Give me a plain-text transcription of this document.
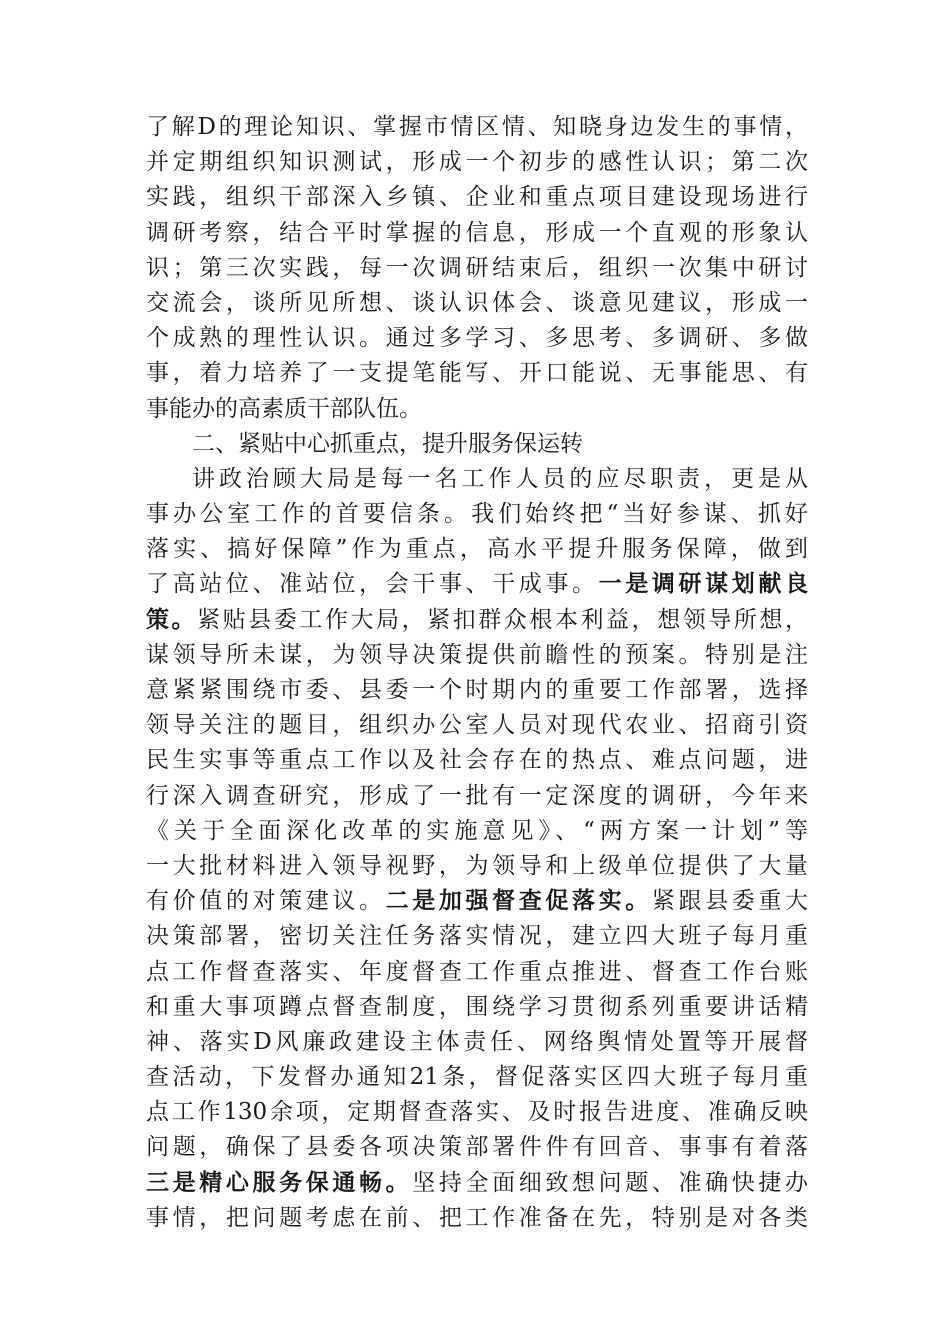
了解D的理论知识、掌握市情区情、知晓身边发生的事情，
并定期组织知识测试，形成一个初步的感性认识；第二次
实践，组织干部深入乡镇、企业和重点项目建设现场进行
调研考察，结合平时掌握的信息，形成一个直观的形象认
识；第三次实践，每一次调研结束后，组织一次集中研讨
交流会，谈所见所想、谈认识体会、谈意见建议，形成一
个成熟的理性认识。通过多学习、多思考、多调研、多做
事，着力培养了一支提笔能写、开口能说、无事能思、有
事能办的高素质干部队伍。
二、紧贴中心抓重点，提升服务保运转
讲政治顾大局是每一名工作人员的应尽职责，更是从
事办公室工作的首要信条。我们始终把“当好参谋、抓好
落实、搞好保障”作为重点，高水平提升服务保障，做到
了高站位、准站位，会干事、干成事。一是调研谋划献良
策。紧贴县委工作大局，紧扣群众根本利益，想领导所想，
谋领导所未谋，为领导决策提供前瞻性的预案。特别是注
意紧紧围绕市委、县委一个时期内的重要工作部署，选择
领导关注的题目，组织办公室人员对现代农业、招商引资
民生实事等重点工作以及社会存在的热点、难点问题，进
行深入调查研究，形成了一批有一定深度的调研，今年来
《关于全面深化改革的实施意见》、“两方案一计划”等
一大批材料进入领导视野，为领导和上级单位提供了大量
有价值的对策建议。二是加强督查促落实。紧跟县委重大
决策部署，密切关注任务落实情况，建立四大班子每月重
点工作督查落实、年度督查工作重点推进、督查工作台账
和重大事项蹲点督查制度，围绕学习贯彻系列重要讲话精
神、落实D风廉政建设主体责任、网络舆情处置等开展督
查活动，下发督办通知21条，督促落实区四大班子每月重
点工作130余项，定期督查落实、及时报告进度、准确反映
问题，确保了县委各项决策部署件件有回音、事事有着落
三是精心服务保通畅。坚持全面细致想问题、准确快捷办
事情，把问题考虑在前、把工作准备在先，特别是对各类
